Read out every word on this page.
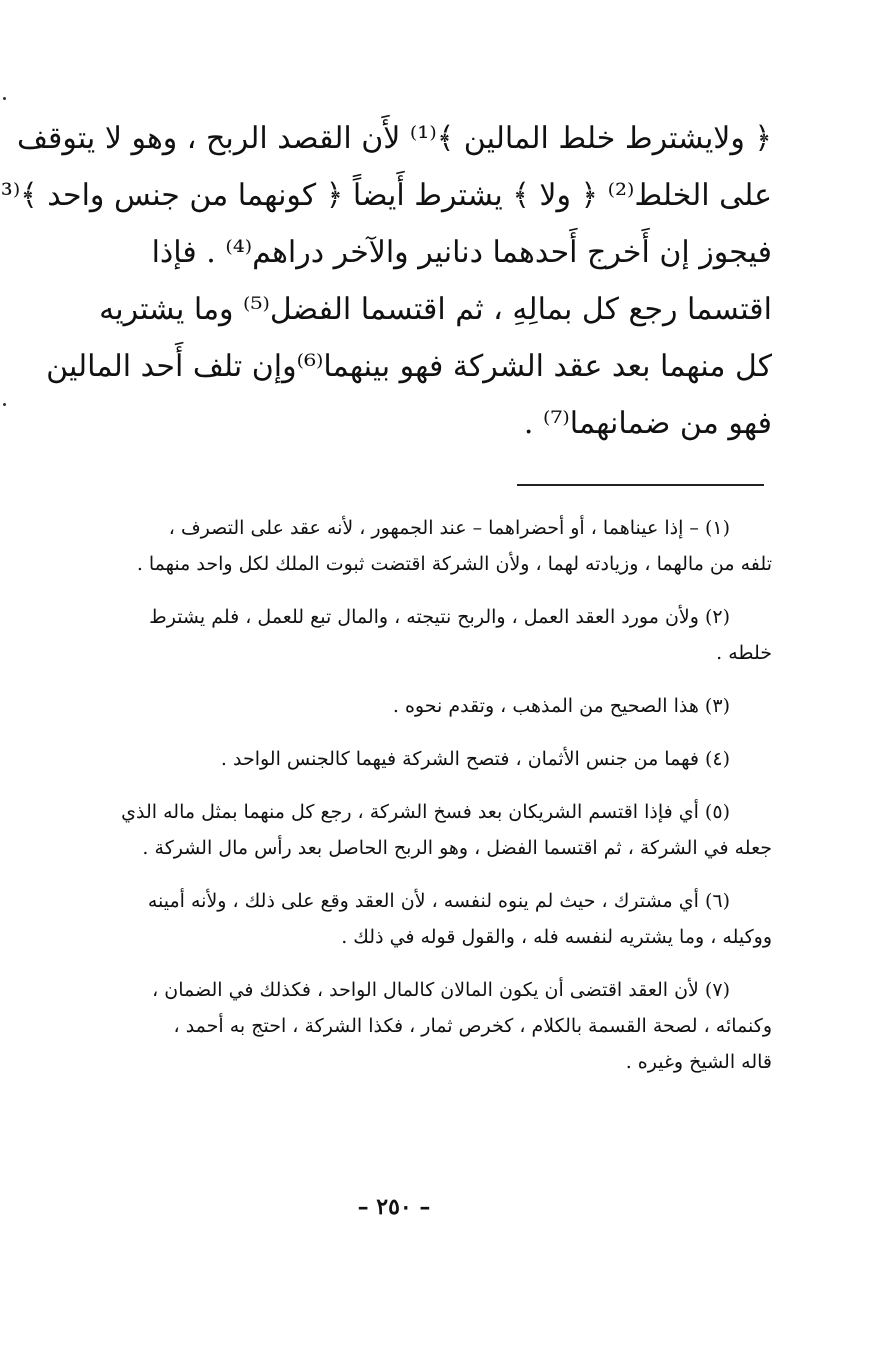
﴿ ولايشترط خلط المالين ﴾⁽¹⁾ لأَن القصد الربح ، وهو لا يتوقف
على الخلط⁽²⁾ ﴿ ولا ﴾ يشترط أَيضاً ﴿ كونهما من جنس واحد ﴾⁽³
فيجوز إن أَخرج أَحدهما دنانير والآخر دراهم⁽⁴⁾ . فإذا
اقتسما رجع كل بمالِهِ ، ثم اقتسما الفضل⁽⁵⁾ وما يشتريه
كل منهما بعد عقد الشركة فهو بينهما⁽⁶⁾وإن تلف أَحد المالين
فهو من ضمانهما⁽⁷⁾ .
(١) – إذا عيناهما ، أو أحضراهما – عند الجمهور ، لأنه عقد على التصرف ،
تلفه من مالهما ، وزيادته لهما ، ولأن الشركة اقتضت ثبوت الملك لكل واحد منهما .
(٢) ولأن مورد العقد العمل ، والربح نتيجته ، والمال تبع للعمل ، فلم يشترط
خلطه .
(٣) هذا الصحيح من المذهب ، وتقدم نحوه .
(٤) فهما من جنس الأثمان ، فتصح الشركة فيهما كالجنس الواحد .
(٥) أي فإذا اقتسم الشريكان بعد فسخ الشركة ، رجع كل منهما بمثل ماله الذي
جعله في الشركة ، ثم اقتسما الفضل ، وهو الربح الحاصل بعد رأس مال الشركة .
(٦) أي مشترك ، حيث لم ينوه لنفسه ، لأن العقد وقع على ذلك ، ولأنه أمينه
ووكيله ، وما يشتريه لنفسه فله ، والقول قوله في ذلك .
(٧) لأن العقد اقتضى أن يكون المالان كالمال الواحد ، فكذلك في الضمان ،
وكنمائه ، لصحة القسمة بالكلام ، كخرص ثمار ، فكذا الشركة ، احتج به أحمد ،
قاله الشيخ وغيره .
– ٢٥٠ –
